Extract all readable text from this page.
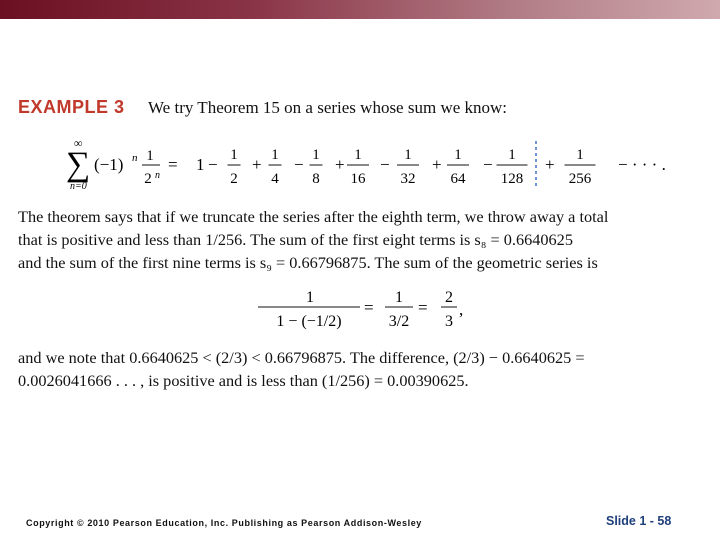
EXAMPLE 3 We try Theorem 15 on a series whose sum we know:
∑
∞
n=0
(−1) n 1
2 n
= 1 − 1
2
+ 1
4
− 1
8
+ 1
16
− 1
32
+ 1
64
− 1
128
+ 1
256
− · · · .
The theorem says that if we truncate the series after the eighth term, we throw away a total
that is positive and less than 1/256. The sum of the first eight terms is s₈ = 0.6640625
and the sum of the first nine terms is s₉ = 0.66796875. The sum of the geometric series is
1
1 − (−1/2)
=
1
3/2
=
2
3
,
and we note that 0.6640625 < (2/3) < 0.66796875. The difference, (2/3) − 0.6640625 =
0.0026041666 . . . , is positive and is less than (1/256) = 0.00390625.
Copyright © 2010 Pearson Education, Inc. Publishing as Pearson Addison-Wesley	Slide 1 - 58
